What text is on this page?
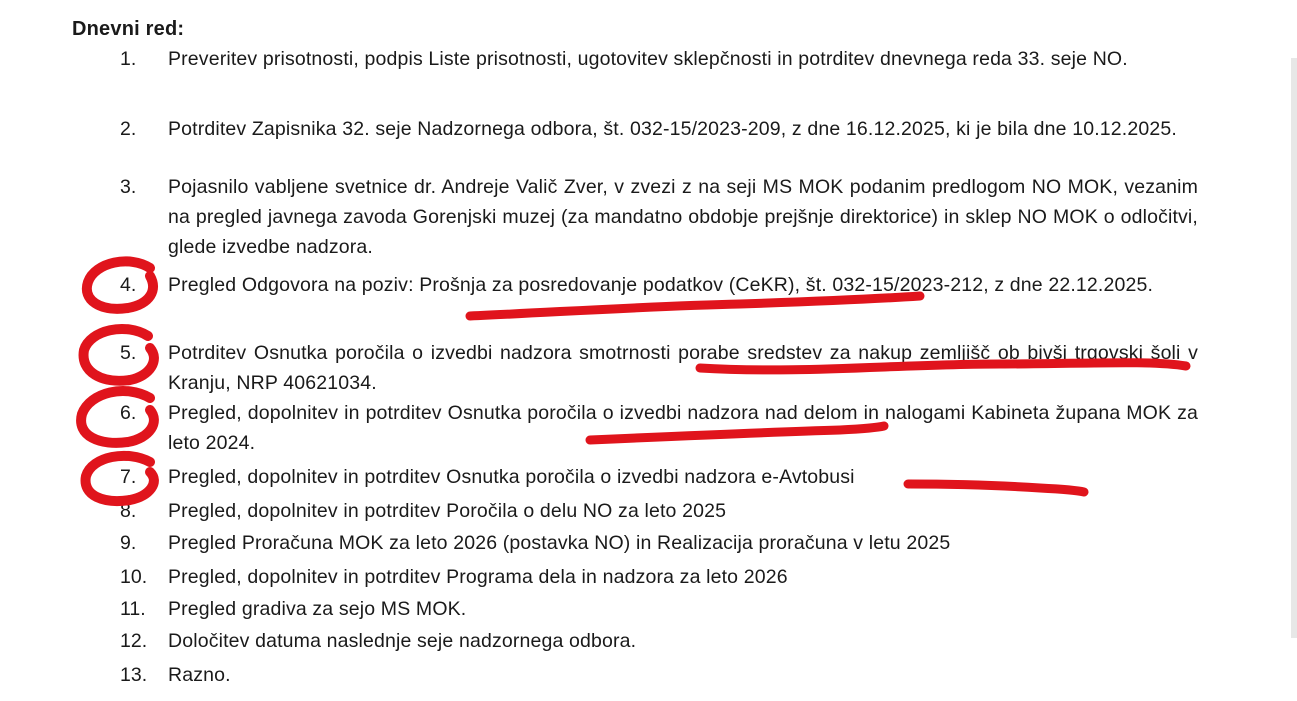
Dnevni red:
1.	Preveritev prisotnosti, podpis Liste prisotnosti, ugotovitev sklepčnosti in potrditev dnevnega reda 33. seje NO.
2.	Potrditev Zapisnika 32. seje Nadzornega odbora, št. 032-15/2023-209, z dne 16.12.2025, ki je bila dne 10.12.2025.
3.	Pojasnilo vabljene svetnice dr. Andreje Valič Zver, v zvezi z na seji MS MOK podanim predlogom NO MOK, vezanim na pregled javnega zavoda Gorenjski muzej (za mandatno obdobje prejšnje direktorice) in sklep NO MOK o odločitvi, glede izvedbe nadzora.
4.	Pregled Odgovora na poziv: Prošnja za posredovanje podatkov (CeKR), št. 032-15/2023-212, z dne 22.12.2025.
5.	Potrditev Osnutka poročila o izvedbi nadzora smotrnosti porabe sredstev za nakup zemljišč ob bivši trgovski šoli v Kranju, NRP 40621034.
6.	Pregled, dopolnitev in potrditev Osnutka poročila o izvedbi nadzora nad delom in nalogami Kabineta župana MOK za leto 2024.
7.	Pregled, dopolnitev in potrditev Osnutka poročila o izvedbi nadzora e-Avtobusi
8.	Pregled, dopolnitev in potrditev Poročila o delu NO za leto 2025
9.	Pregled Proračuna MOK za leto 2026 (postavka NO) in Realizacija proračuna v letu 2025
10.	Pregled, dopolnitev in potrditev Programa dela in nadzora za leto 2026
11.	Pregled gradiva za sejo MS MOK.
12.	Določitev datuma naslednje seje nadzornega odbora.
13.	Razno.
